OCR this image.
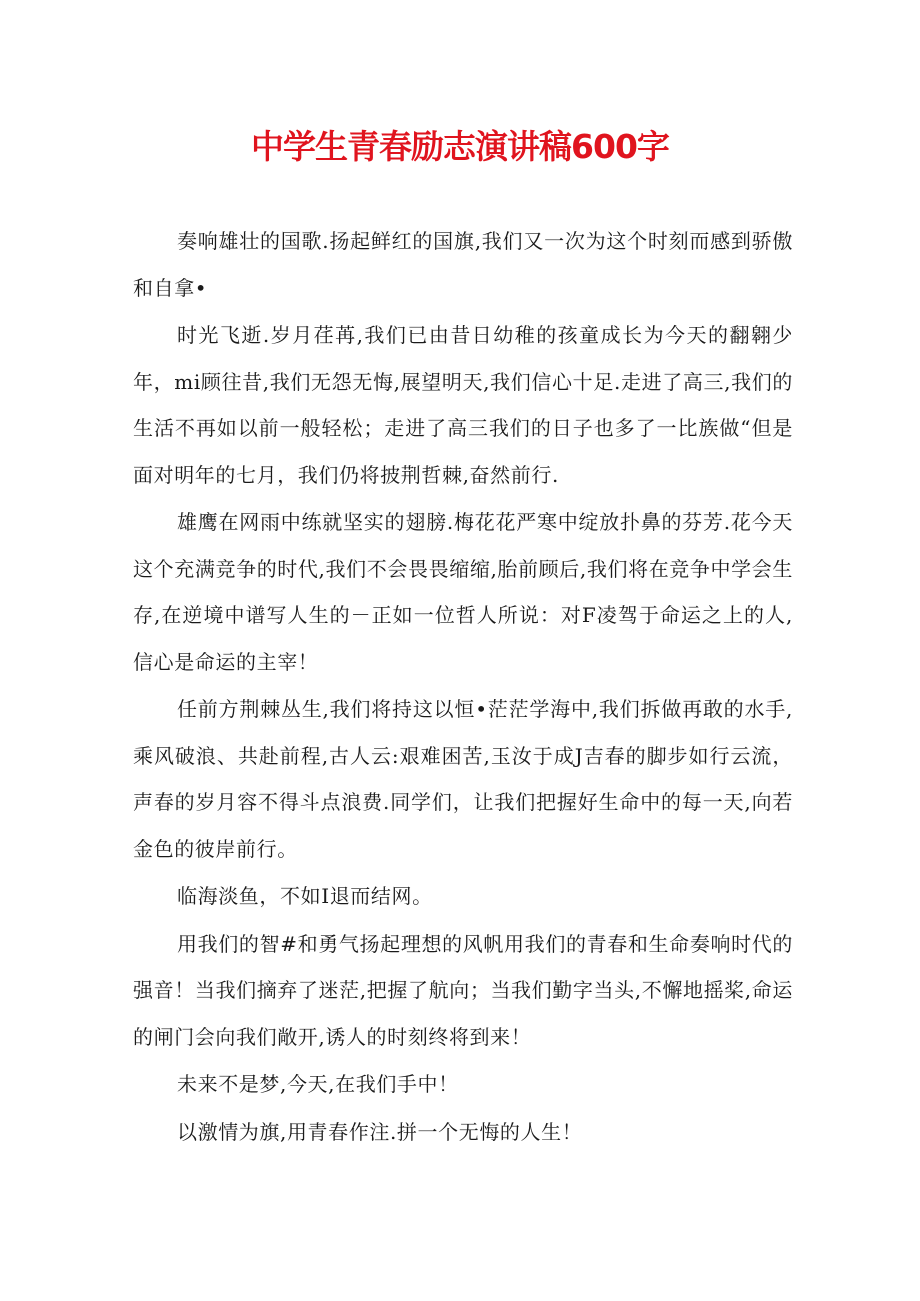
中学生青春励志演讲稿600字

奏响雄壮的国歌.扬起鲜红的国旗,我们又一次为这个时刻而感到骄傲和自拿•

时光飞逝.岁月荏苒,我们已由昔日幼稚的孩童成长为今天的翻翱少年，mi顾往昔,我们无怨无悔,展望明天,我们信心十足.走进了高三,我们的生活不再如以前一般轻松；走进了高三我们的日子也多了一比族做“但是面对明年的七月，我们仍将披荆哲棘,奋然前行.

雄鹰在网雨中练就坚实的翅膀.梅花花严寒中绽放扑鼻的芬芳.花今天这个充满竞争的时代,我们不会畏畏缩缩,胎前顾后,我们将在竞争中学会生存,在逆境中谱写人生的－正如一位哲人所说：对F凌驾于命运之上的人,信心是命运的主宰！

任前方荆棘丛生,我们将持这以恒•茫茫学海中,我们拆做再敢的水手,乘风破浪、共赴前程,古人云:艰难困苦,玉汝于成J吉春的脚步如行云流，声春的岁月容不得斗点浪费.同学们，让我们把握好生命中的每一天,向若金色的彼岸前行。

临海淡鱼，不如I退而结网。

用我们的智#和勇气扬起理想的风帆用我们的青春和生命奏响时代的强音！当我们摘弃了迷茫,把握了航向；当我们勤字当头,不懈地摇桨,命运的闸门会向我们敞开,诱人的时刻终将到来！

未来不是梦,今天,在我们手中！

以激情为旗,用青春作注.拼一个无悔的人生！
